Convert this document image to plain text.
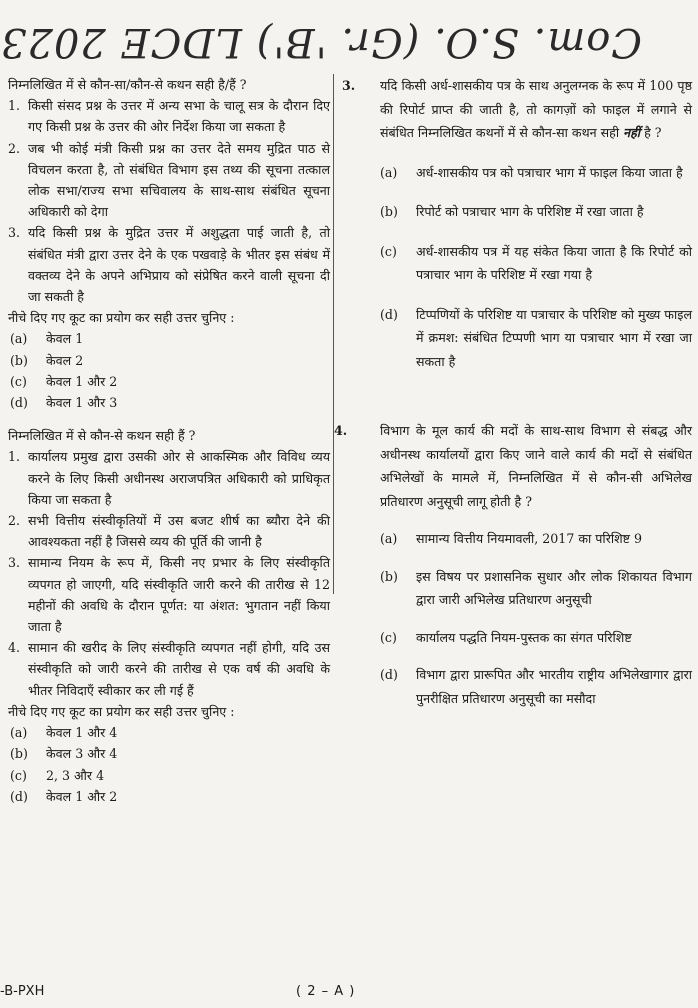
Com. S.O. (Gr. 'B') LDCE 2023

निम्नलिखित में से कौन-सा/कौन-से कथन सही है/हैं ?

1. किसी संसद प्रश्न के उत्तर में अन्य सभा के चालू सत्र के दौरान दिए गए किसी प्रश्न के उत्तर की ओर निर्देश किया जा सकता है
2. जब भी कोई मंत्री किसी प्रश्न का उत्तर देते समय मुद्रित पाठ से विचलन करता है, तो संबंधित विभाग इस तथ्य की सूचना तत्काल लोक सभा/राज्य सभा सचिवालय के साथ-साथ संबंधित सूचना अधिकारी को देगा
3. यदि किसी प्रश्न के मुद्रित उत्तर में अशुद्धता पाई जाती है, तो संबंधित मंत्री द्वारा उत्तर देने के एक पखवाड़े के भीतर इस संबंध में वक्तव्य देने के अपने अभिप्राय को संप्रेषित करने वाली सूचना दी जा सकती है

नीचे दिए गए कूट का प्रयोग कर सही उत्तर चुनिए :

(a)	केवल 1
(b)	केवल 2
(c)	केवल 1 और 2
(d)	केवल 1 और 3

निम्नलिखित में से कौन-से कथन सही हैं ?

1. कार्यालय प्रमुख द्वारा उसकी ओर से आकस्मिक और विविध व्यय करने के लिए किसी अधीनस्थ अराजपत्रित अधिकारी को प्राधिकृत किया जा सकता है
2. सभी वित्तीय संस्वीकृतियों में उस बजट शीर्ष का ब्यौरा देने की आवश्यकता नहीं है जिससे व्यय की पूर्ति की जानी है
3. सामान्य नियम के रूप में, किसी नए प्रभार के लिए संस्वीकृति व्यपगत हो जाएगी, यदि संस्वीकृति जारी करने की तारीख से 12 महीनों की अवधि के दौरान पूर्णत: या अंशत: भुगतान नहीं किया जाता है
4. सामान की खरीद के लिए संस्वीकृति व्यपगत नहीं होगी, यदि उस संस्वीकृति को जारी करने की तारीख से एक वर्ष की अवधि के भीतर निविदाएँ स्वीकार कर ली गई हैं

नीचे दिए गए कूट का प्रयोग कर सही उत्तर चुनिए :

(a)	केवल 1 और 4
(b)	केवल 3 और 4
(c)	2, 3 और 4
(d)	केवल 1 और 2
3. यदि किसी अर्ध-शासकीय पत्र के साथ अनुलग्नक के रूप में 100 पृष्ठ की रिपोर्ट प्राप्त की जाती है, तो कागज़ों को फाइल में लगाने से संबंधित निम्नलिखित कथनों में से कौन-सा कथन सही नहीं है ?

(a)	अर्ध-शासकीय पत्र को पत्राचार भाग में फाइल किया जाता है
(b)	रिपोर्ट को पत्राचार भाग के परिशिष्ट में रखा जाता है
(c)	अर्ध-शासकीय पत्र में यह संकेत किया जाता है कि रिपोर्ट को पत्राचार भाग के परिशिष्ट में रखा गया है
(d)	टिप्पणियों के परिशिष्ट या पत्राचार के परिशिष्ट को मुख्य फाइल में क्रमश: संबंधित टिप्पणी भाग या पत्राचार भाग में रखा जा सकता है
4.	विभाग के मूल कार्य की मदों के साथ-साथ विभाग से संबद्ध और अधीनस्थ कार्यालयों द्वारा किए जाने वाले कार्य की मदों से संबंधित अभिलेखों के मामले में, निम्नलिखित में से कौन-सी अभिलेख प्रतिधारण अनुसूची लागू होती है ?

(a)	सामान्य वित्तीय नियमावली, 2017 का परिशिष्ट 9
(b)	इस विषय पर प्रशासनिक सुधार और लोक शिकायत विभाग द्वारा जारी अभिलेख प्रतिधारण अनुसूची
(c)	कार्यालय पद्धति नियम-पुस्तक का संगत परिशिष्ट
(d)	विभाग द्वारा प्रारूपित और भारतीय राष्ट्रीय अभिलेखागार द्वारा पुनरीक्षित प्रतिधारण अनुसूची का मसौदा
-B-PXH	( 2 – A )
